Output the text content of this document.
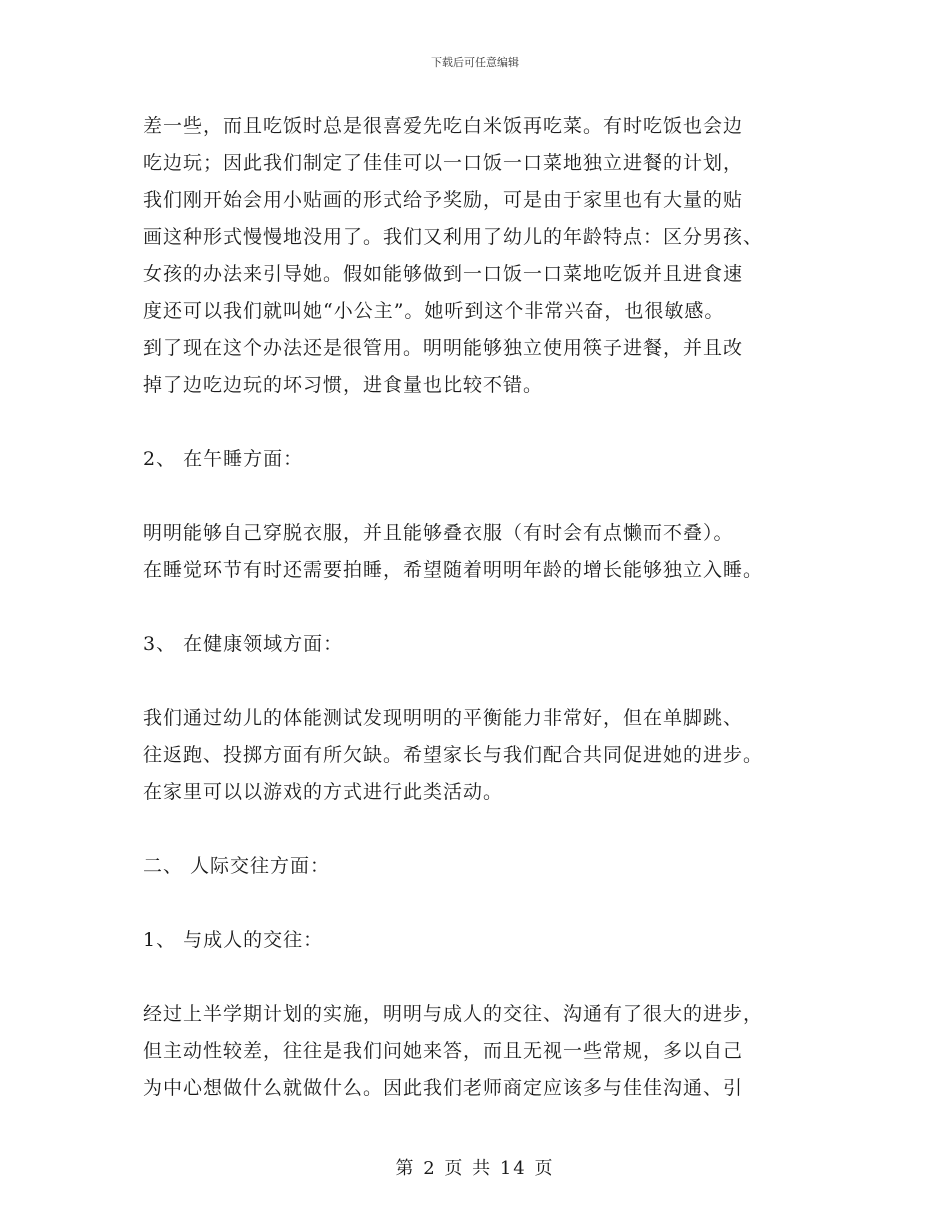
下载后可任意编辑
差一些，而且吃饭时总是很喜爱先吃白米饭再吃菜。有时吃饭也会边
吃边玩；因此我们制定了佳佳可以一口饭一口菜地独立进餐的计划，
我们刚开始会用小贴画的形式给予奖励，可是由于家里也有大量的贴
画这种形式慢慢地没用了。我们又利用了幼儿的年龄特点：区分男孩、
女孩的办法来引导她。假如能够做到一口饭一口菜地吃饭并且进食速
度还可以我们就叫她“小公主”。她听到这个非常兴奋，也很敏感。
到了现在这个办法还是很管用。明明能够独立使用筷子进餐，并且改
掉了边吃边玩的坏习惯，进食量也比较不错。
2、 在午睡方面：
明明能够自己穿脱衣服，并且能够叠衣服（有时会有点懒而不叠）。
在睡觉环节有时还需要拍睡，希望随着明明年龄的增长能够独立入睡。
3、 在健康领域方面：
我们通过幼儿的体能测试发现明明的平衡能力非常好，但在单脚跳、
往返跑、投掷方面有所欠缺。希望家长与我们配合共同促进她的进步。
在家里可以以游戏的方式进行此类活动。
二、 人际交往方面：
1、 与成人的交往：
经过上半学期计划的实施，明明与成人的交往、沟通有了很大的进步，
但主动性较差，往往是我们问她来答，而且无视一些常规，多以自己
为中心想做什么就做什么。因此我们老师商定应该多与佳佳沟通、引
第 2 页 共 14 页
